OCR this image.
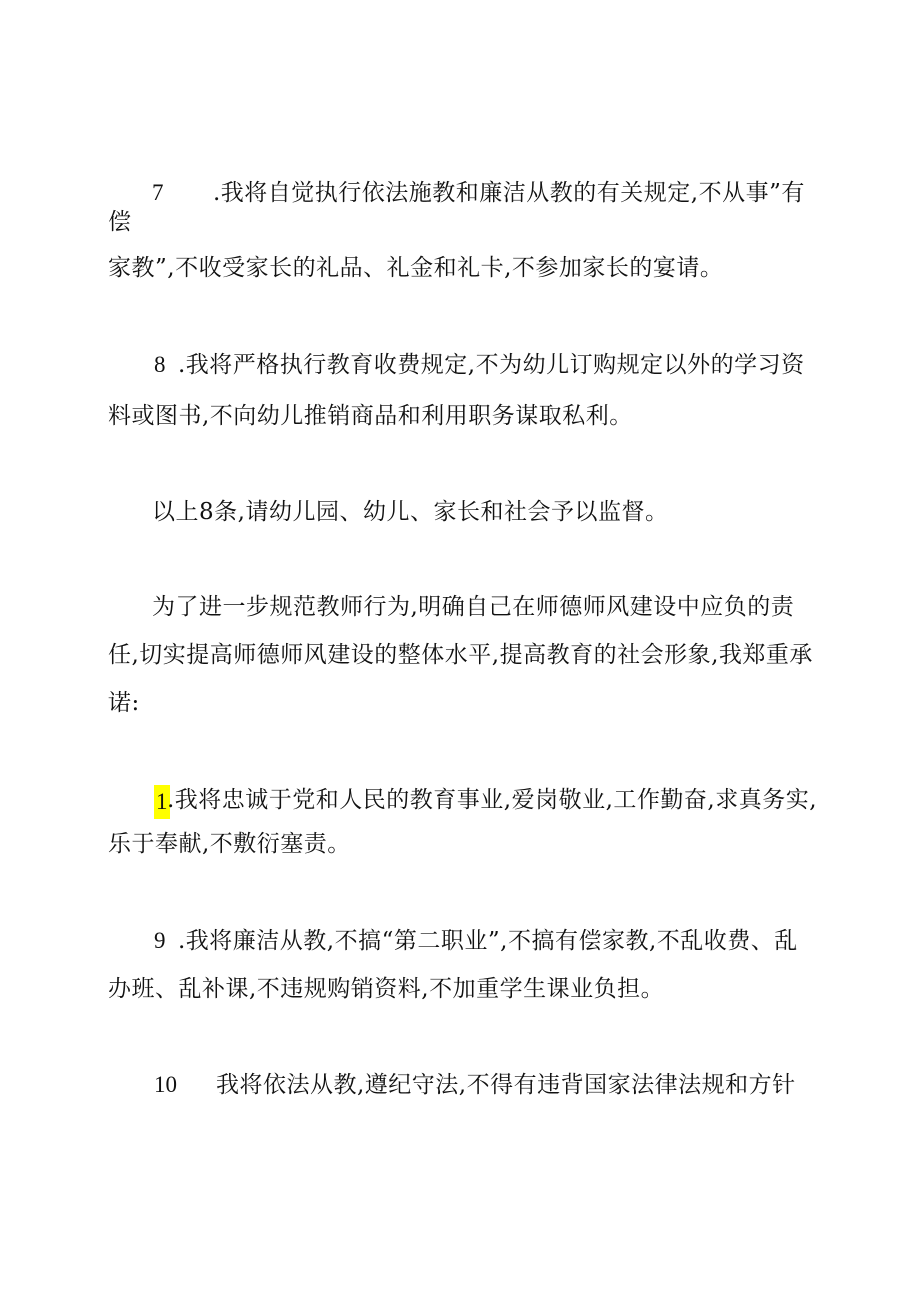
7 .我将自觉执行依法施教和廉洁从教的有关规定,不从事”有
偿
家教”,不收受家长的礼品、礼金和礼卡,不参加家长的宴请。
8 .我将严格执行教育收费规定,不为幼儿订购规定以外的学习资
料或图书,不向幼儿推销商品和利用职务谋取私利。
以上8条,请幼儿园、幼儿、家长和社会予以监督。
为了进一步规范教师行为,明确自己在师德师风建设中应负的责
任,切实提高师德师风建设的整体水平,提高教育的社会形象,我郑重承
诺:
1 .我将忠诚于党和人民的教育事业,爱岗敬业,工作勤奋,求真务实,
乐于奉献,不敷衍塞责。
9 .我将廉洁从教,不搞“第二职业”,不搞有偿家教,不乱收费、乱
办班、乱补课,不违规购销资料,不加重学生课业负担。
10 我将依法从教,遵纪守法,不得有违背国家法律法规和方针
